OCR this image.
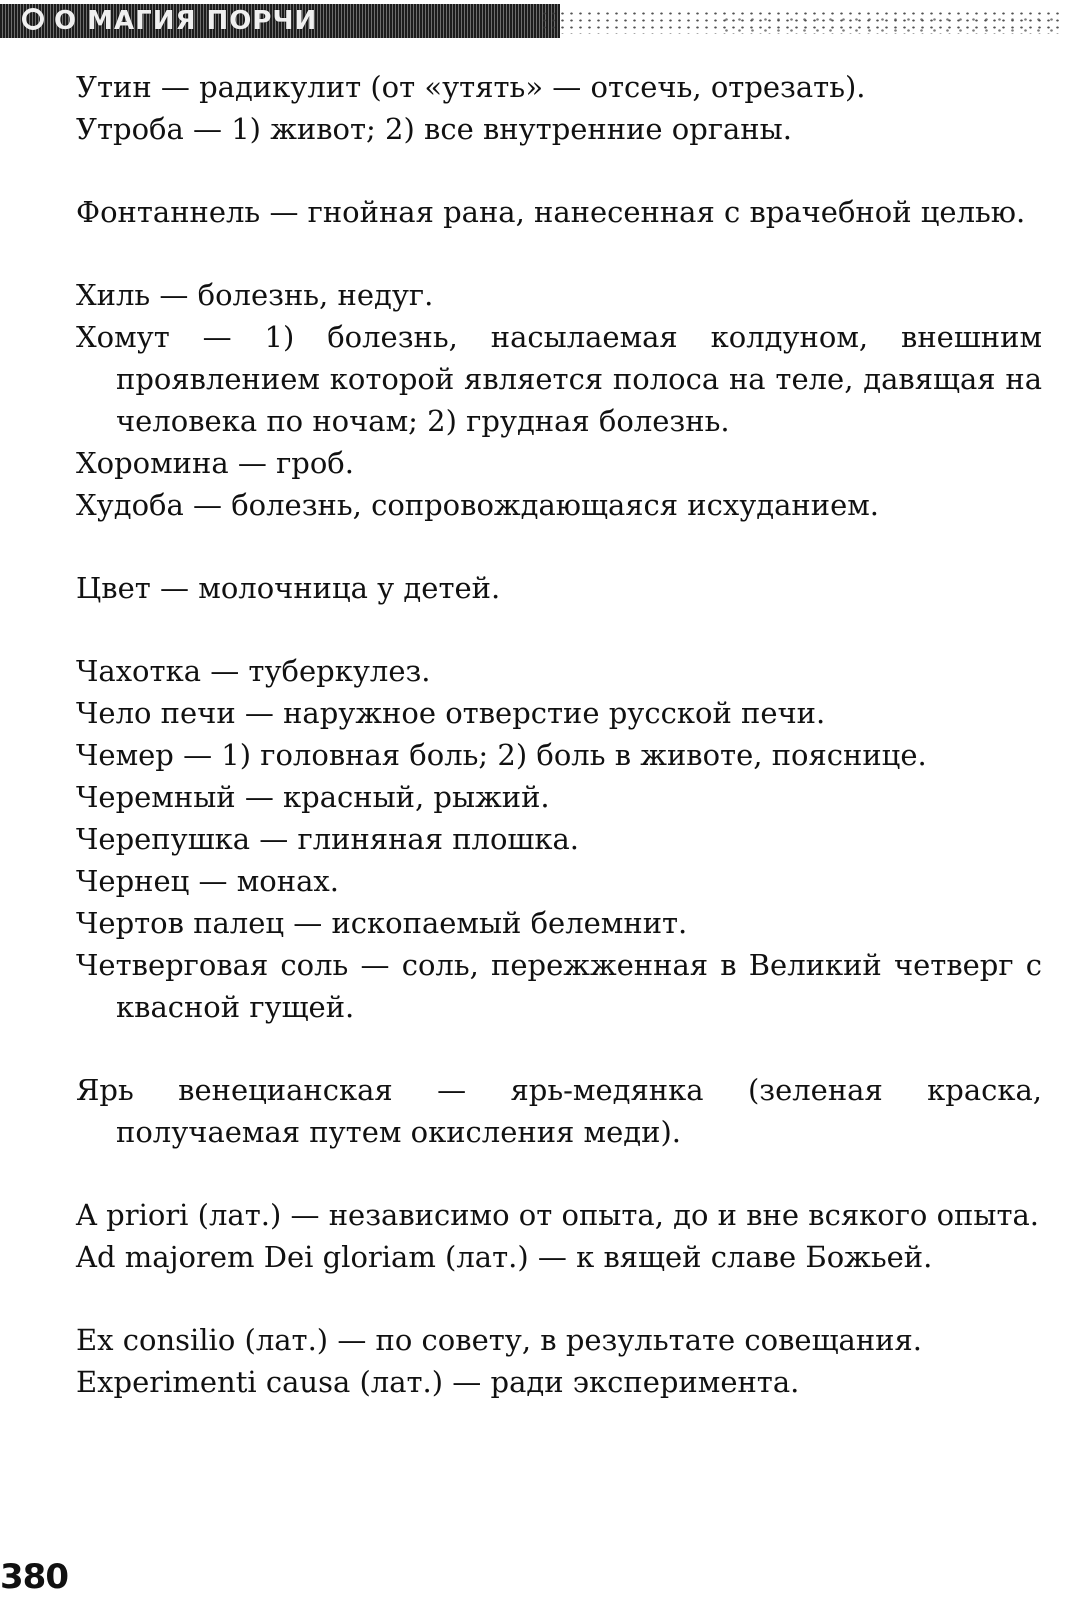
О МАГИЯ ПОРЧИ

Утин — радикулит (от «утять» — отсечь, отрезать).

Утроба — 1) живот; 2) все внутренние органы.

Фонтаннель — гнойная рана, нанесенная с врачебной целью.

Хиль — болезнь, недуг.

Хомут — 1) болезнь, насылаемая колдуном, внешним проявлением которой является полоса на теле, давящая на человека по ночам; 2) грудная болезнь.

Хоромина — гроб.

Худоба — болезнь, сопровождающаяся исхуданием.

Цвет — молочница у детей.

Чахотка — туберкулез.

Чело печи — наружное отверстие русской печи.

Чемер — 1) головная боль; 2) боль в животе, пояснице.

Черемный — красный, рыжий.

Черепушка — глиняная плошка.

Чернец — монах.

Чертов палец — ископаемый белемнит.

Четверговая соль — соль, пережженная в Великий четверг с квасной гущей.

Ярь венецианская — ярь-медянка (зеленая краска, получаемая путем окисления меди).

A priori (лат.) — независимо от опыта, до и вне всякого опыта.

Ad majorem Dei gloriam (лат.) — к вящей славе Божьей.

Ex consilio (лат.) — по совету, в результате совещания.

Experimenti causa (лат.) — ради эксперимента.

380
